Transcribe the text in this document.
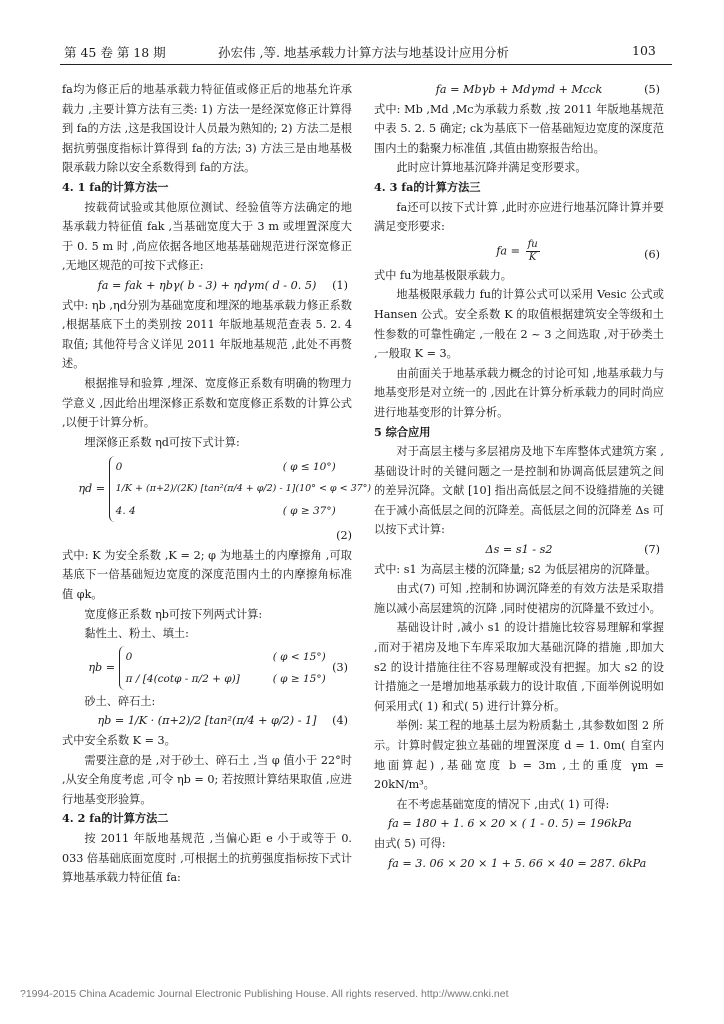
第 45 卷 第 18 期	孙宏伟 ,等. 地基承载力计算方法与地基设计应用分析	103

fa均为修正后的地基承载力特征值或修正后的地基允许承载力 ,主要计算方法有三类: 1) 方法一是经深宽修正计算得到 fa的方法 ,这是我国设计人员最为熟知的; 2) 方法二是根据抗剪强度指标计算得到 fa的方法; 3) 方法三是由地基极限承载力除以安全系数得到 fa的方法。

4. 1 fa的计算方法一

按载荷试验或其他原位测试、经验值等方法确定的地基承载力特征值 fak ,当基础宽度大于 3 m 或埋置深度大于 0. 5 m 时 ,尚应依据各地区地基基础规范进行深宽修正 ,无地区规范的可按下式修正:

fa = fak + ηbγ( b - 3) + ηdγm( d - 0. 5) (1)

式中: ηb ,ηd分别为基础宽度和埋深的地基承载力修正系数 ,根据基底下土的类别按 2011 年版地基规范查表 5. 2. 4 取值; 其他符号含义详见 2011 年版地基规范 ,此处不再赘述。

根据推导和验算 ,埋深、宽度修正系数有明确的物理力学意义 ,因此给出埋深修正系数和宽度修正系数的计算公式 ,以便于计算分析。

埋深修正系数 ηd可按下式计算:

ηd =
0	( φ ≤ 10°)
1/K + (π+2)/(2K) [tan²(π/4 + φ/2) - 1] (10° < φ < 37°)
4. 4	( φ ≥ 37°)

(2)

式中: K 为安全系数 ,K = 2; φ 为地基土的内摩擦角 ,可取基底下一倍基础短边宽度的深度范围内土的内摩擦角标准值 φk。

宽度修正系数 ηb可按下列两式计算:

黏性土、粉土、填土:

ηb =
0	( φ < 15°)
π / [4(cotφ - π/2 + φ)]	( φ ≥ 15°)
(3)

砂土、碎石土:

ηb = 1/K · (π+2)/2 [tan²(π/4 + φ/2) - 1] (4)

式中安全系数 K = 3。

需要注意的是 ,对于砂土、碎石土 ,当 φ 值小于 22°时 ,从安全角度考虑 ,可令 ηb = 0; 若按照计算结果取值 ,应进行地基变形验算。

4. 2 fa的计算方法二

按 2011 年版地基规范 ,当偏心距 e 小于或等于 0. 033 倍基础底面宽度时 ,可根据土的抗剪强度指标按下式计算地基承载力特征值 fa:

fa = Mbγb + Mdγmd + Mcck	(5)

式中: Mb ,Md ,Mc为承载力系数 ,按 2011 年版地基规范中表 5. 2. 5 确定; ck为基底下一倍基础短边宽度的深度范围内土的黏聚力标准值 ,其值由勘察报告给出。

此时应计算地基沉降并满足变形要求。

4. 3 fa的计算方法三

fa还可以按下式计算 ,此时亦应进行地基沉降计算并要满足变形要求:

fa = $\frac{fu}{K}$	(6)

式中 fu为地基极限承载力。

地基极限承载力 fu的计算公式可以采用 Vesic 公式或 Hansen 公式。安全系数 K 的取值根据建筑安全等级和土性参数的可靠性确定 ,一般在 2 ~ 3 之间选取 ,对于砂类土 ,一般取 K = 3。

由前面关于地基承载力概念的讨论可知 ,地基承载力与地基变形是对立统一的 ,因此在计算分析承载力的同时尚应进行地基变形的计算分析。

5 综合应用

对于高层主楼与多层裙房及地下车库整体式建筑方案 ,基础设计时的关键问题之一是控制和协调高低层建筑之间的差异沉降。文献 [10] 指出高低层之间不设缝措施的关键在于减小高低层之间的沉降差。高低层之间的沉降差 Δs 可以按下式计算:

Δs = s1 - s2	(7)

式中: s1 为高层主楼的沉降量; s2 为低层裙房的沉降量。

由式(7) 可知 ,控制和协调沉降差的有效方法是采取措施以减小高层建筑的沉降 ,同时使裙房的沉降量不致过小。

基础设计时 ,减小 s1 的设计措施比较容易理解和掌握 ,而对于裙房及地下车库采取加大基础沉降的措施 ,即加大 s2 的设计措施往往不容易理解或没有把握。加大 s2 的设计措施之一是增加地基承载力的设计取值 ,下面举例说明如何采用式( 1) 和式( 5) 进行计算分析。

举例: 某工程的地基土层为粉质黏土 ,其参数如图 2 所示。计算时假定独立基础的埋置深度 d = 1. 0m( 自室内地面算起) ,基础宽度 b = 3m ,土的重度 γm = 20kN/m³。

在不考虑基础宽度的情况下 ,由式( 1) 可得:

fa = 180 + 1. 6 × 20 × ( 1 - 0. 5) = 196kPa

由式( 5) 可得:

fa = 3. 06 × 20 × 1 + 5. 66 × 40 = 287. 6kPa

?1994-2015 China Academic Journal Electronic Publishing House. All rights reserved. http://www.cnki.net
